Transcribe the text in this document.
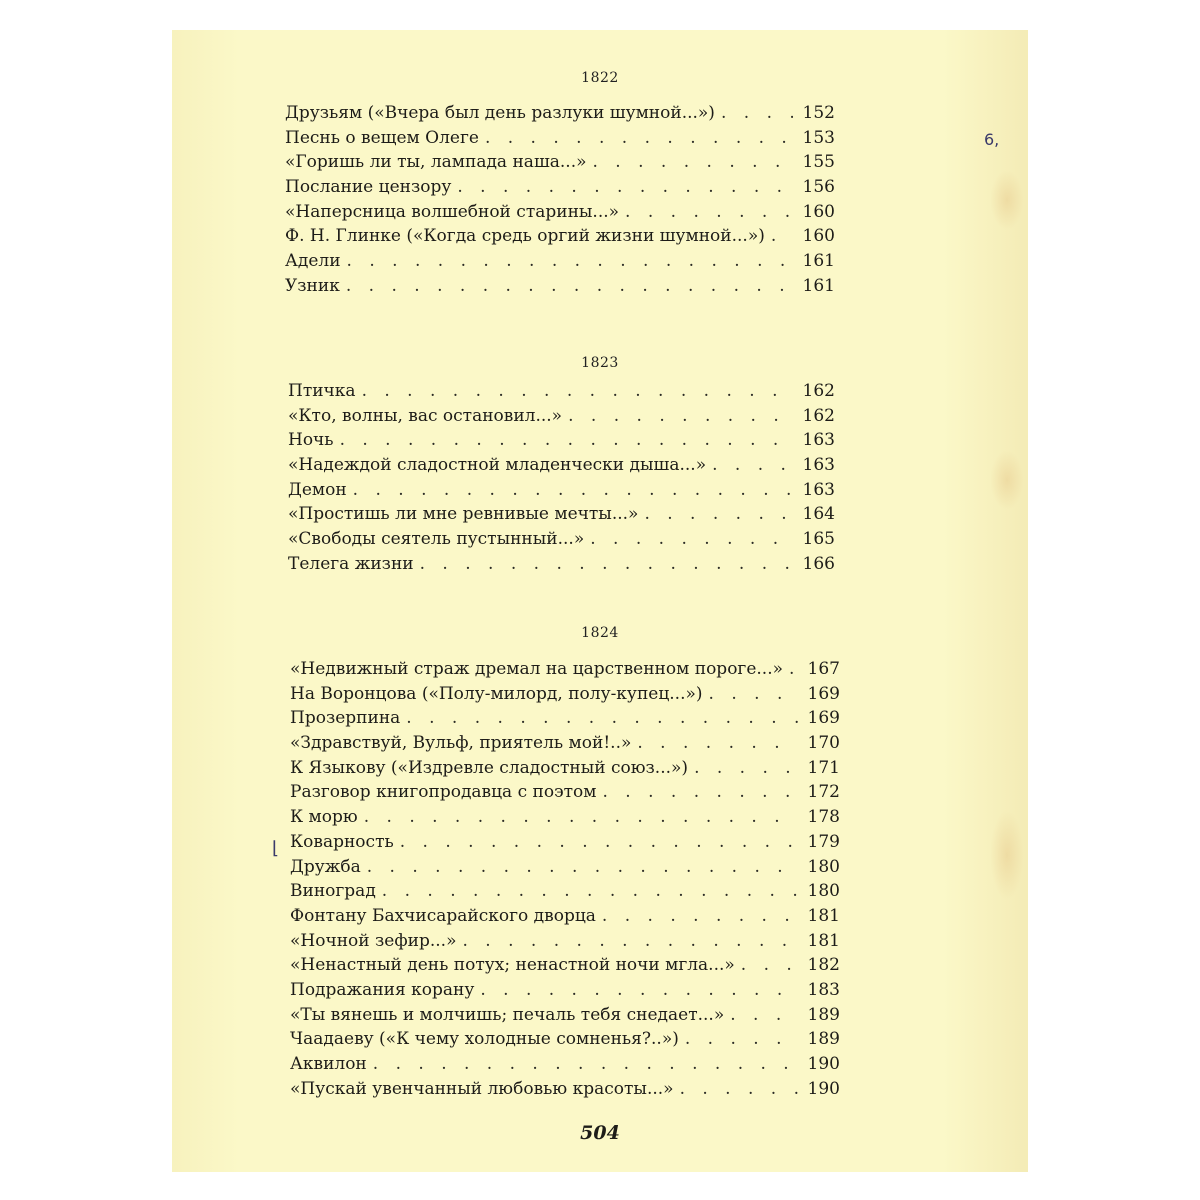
1822
Друзьям («Вчера был день разлуки шумной...») . . .	152
Песнь о вещем Олеге . . .	153
«Горишь ли ты, лампада наша...» . . .	155
Послание цензору . . .	156
«Наперсница волшебной старины...» . . .	160
Ф. Н. Глинке («Когда средь оргий жизни шумной...») . . . 160
Адели . . .	161
Узник . . .	161
1823
Птичка . . .	162
«Кто, волны, вас остановил...» . . .	162
Ночь . . .	163
«Надеждой сладостной младенчески дыша...» . . .	163
Демон . . .	163
«Простишь ли мне ревнивые мечты...» . . .	164
«Свободы сеятель пустынный...» . . .	165
Телега жизни . . .	166
1824
«Недвижный страж дремал на царственном пороге...» . . . 167
На Воронцова («Полу-милорд, полу-купец...») . . .	169
Прозерпина . . .	169
«Здравствуй, Вульф, приятель мой!..» . . .	170
К Языкову («Издревле сладостный союз...») . . .	171
Разговор книгопродавца с поэтом . . .	172
К морю . . .	178
Коварность . . .	179
Дружба . . .	180
Виноград . . .	180
Фонтану Бахчисарайского дворца . . .	181
«Ночной зефир...» . . .	181
«Ненастный день потух; ненастной ночи мгла...» . . .	182
Подражания корану . . .	183
«Ты вянешь и молчишь; печаль тебя снедает...» . . .	189
Чаадаеву («К чему холодные сомненья?..») . . .	189
Аквилон . . .	190
«Пускай увенчанный любовью красоты...» . . .	190
504
6,
⌊
